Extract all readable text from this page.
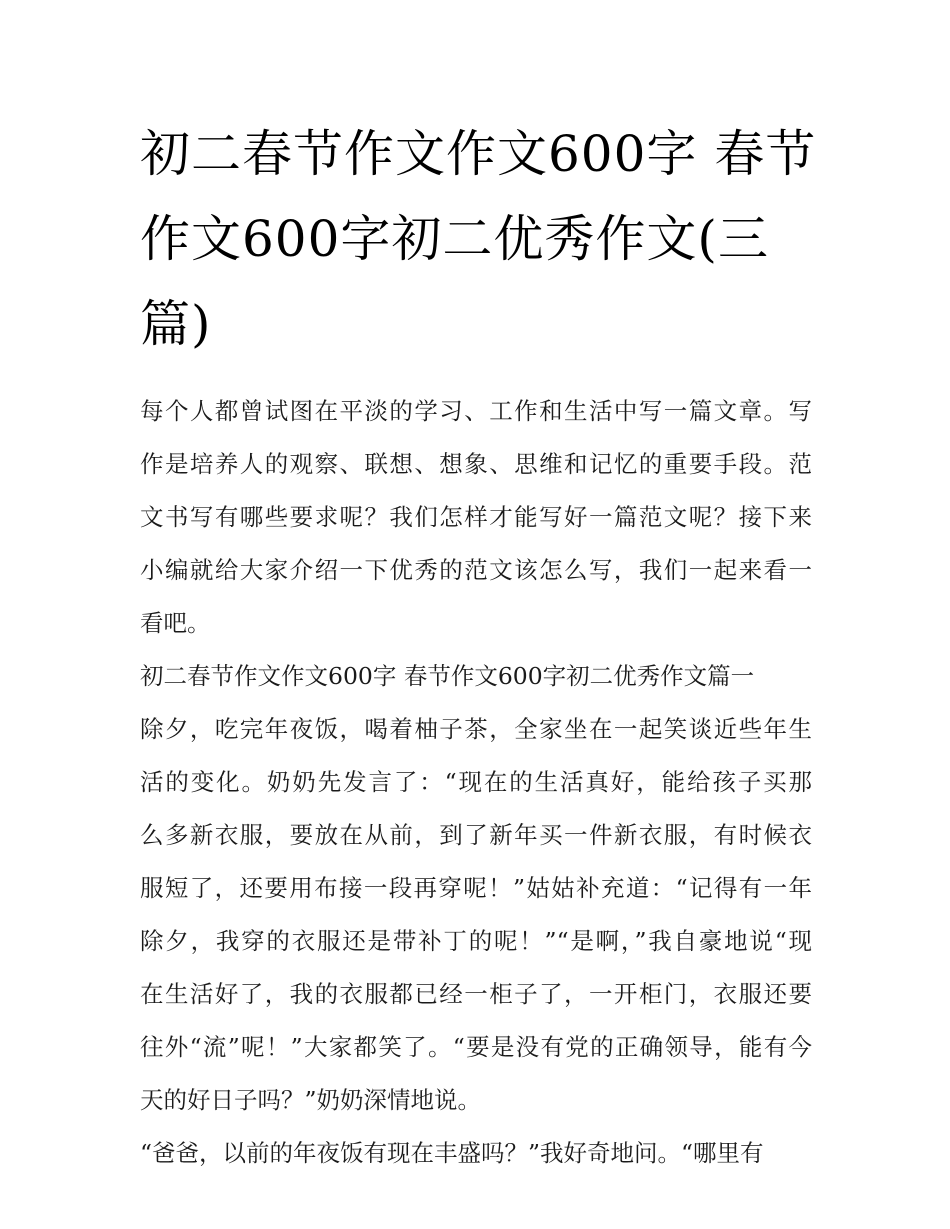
初二春节作文作文600字 春节
作文600字初二优秀作文(三
篇)
每个人都曾试图在平淡的学习、工作和生活中写一篇文章。写
作是培养人的观察、联想、想象、思维和记忆的重要手段。范
文书写有哪些要求呢？我们怎样才能写好一篇范文呢？接下来
小编就给大家介绍一下优秀的范文该怎么写，我们一起来看一
看吧。
初二春节作文作文600字 春节作文600字初二优秀作文篇一
除夕，吃完年夜饭，喝着柚子茶，全家坐在一起笑谈近些年生
活的变化。奶奶先发言了：“现在的生活真好，能给孩子买那
么多新衣服，要放在从前，到了新年买一件新衣服，有时候衣
服短了，还要用布接一段再穿呢！”姑姑补充道：“记得有一年
除夕，我穿的衣服还是带补丁的呢！”“是啊，”我自豪地说“现
在生活好了，我的衣服都已经一柜子了，一开柜门，衣服还要
往外“流”呢！”大家都笑了。“要是没有党的正确领导，能有今
天的好日子吗？”奶奶深情地说。
“爸爸，以前的年夜饭有现在丰盛吗？”我好奇地问。“哪里有
